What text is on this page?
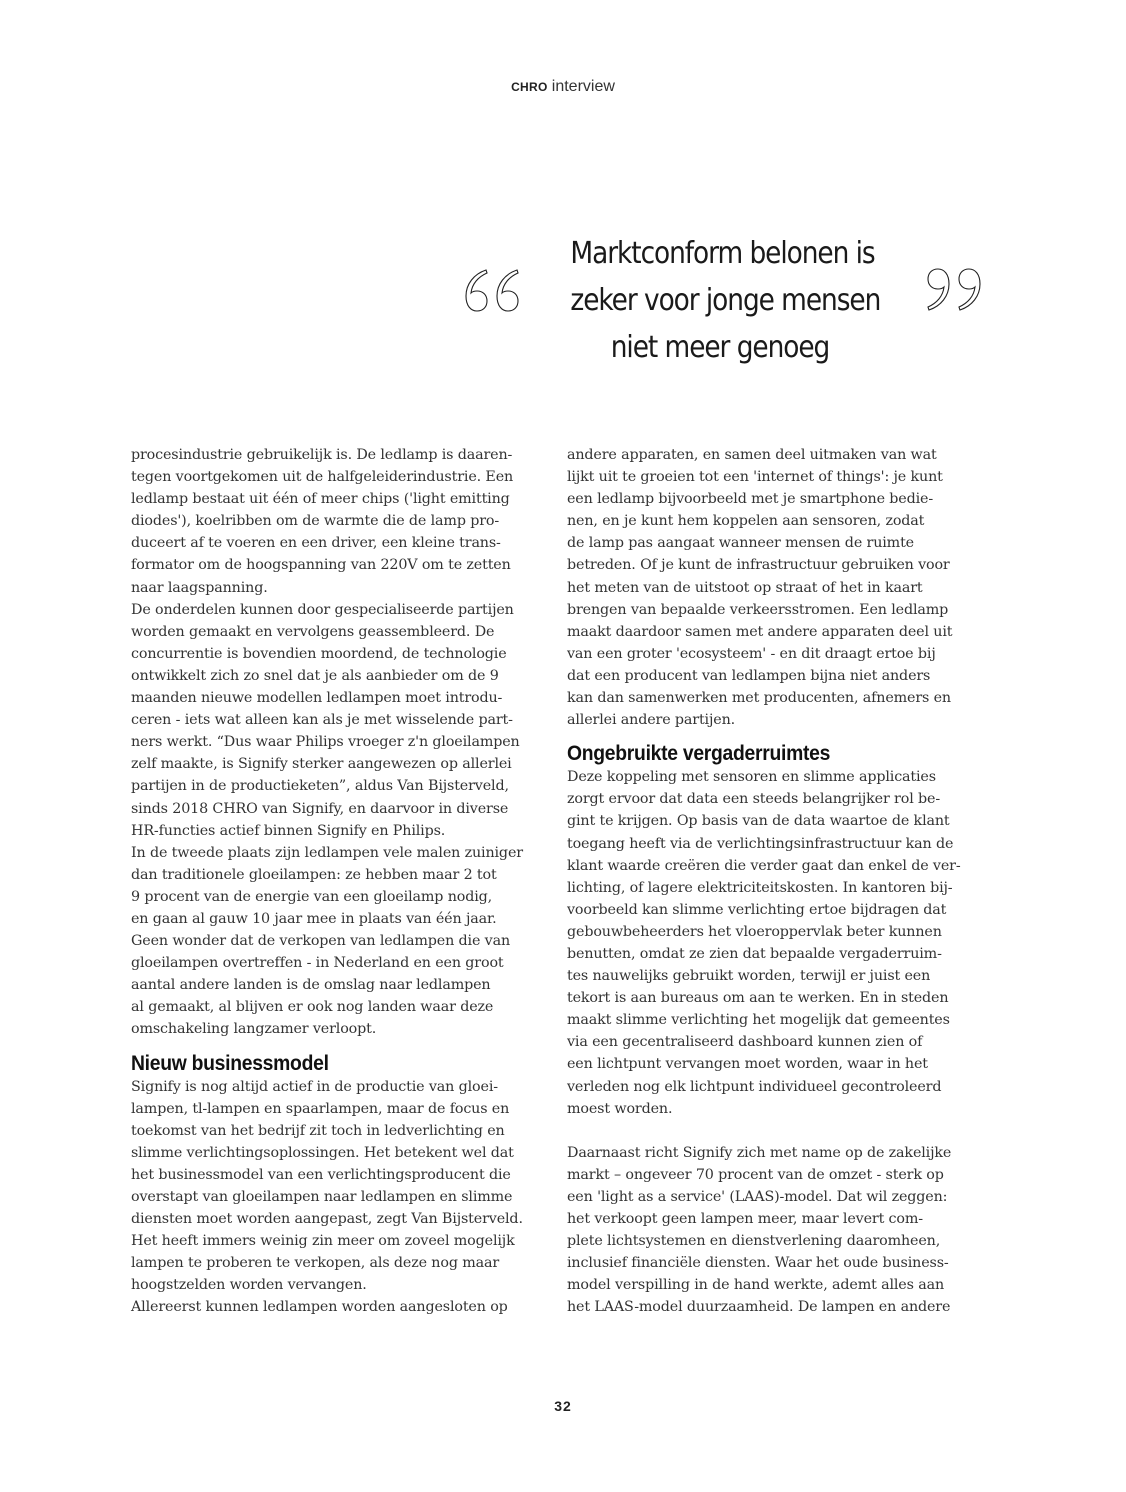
CHRO interview
Marktconform belonen is
zeker voor jonge mensen
niet meer genoeg
procesindustrie gebruikelijk is. De ledlamp is daaren-
tegen voortgekomen uit de halfgeleiderindustrie. Een
ledlamp bestaat uit één of meer chips ('light emitting
diodes'), koelribben om de warmte die de lamp pro-
duceert af te voeren en een driver, een kleine trans-
formator om de hoogspanning van 220V om te zetten
naar laagspanning.
De onderdelen kunnen door gespecialiseerde partijen
worden gemaakt en vervolgens geassembleerd. De
concurrentie is bovendien moordend, de technologie
ontwikkelt zich zo snel dat je als aanbieder om de 9
maanden nieuwe modellen ledlampen moet introdu-
ceren - iets wat alleen kan als je met wisselende part-
ners werkt. “Dus waar Philips vroeger z'n gloeilampen
zelf maakte, is Signify sterker aangewezen op allerlei
partijen in de productieketen”, aldus Van Bijsterveld,
sinds 2018 CHRO van Signify, en daarvoor in diverse
HR-functies actief binnen Signify en Philips.
In de tweede plaats zijn ledlampen vele malen zuiniger
dan traditionele gloeilampen: ze hebben maar 2 tot
9 procent van de energie van een gloeilamp nodig,
en gaan al gauw 10 jaar mee in plaats van één jaar.
Geen wonder dat de verkopen van ledlampen die van
gloeilampen overtreffen - in Nederland en een groot
aantal andere landen is de omslag naar ledlampen
al gemaakt, al blijven er ook nog landen waar deze
omschakeling langzamer verloopt.
Nieuw businessmodel
Signify is nog altijd actief in de productie van gloei-
lampen, tl-lampen en spaarlampen, maar de focus en
toekomst van het bedrijf zit toch in ledverlichting en
slimme verlichtingsoplossingen. Het betekent wel dat
het businessmodel van een verlichtingsproducent die
overstapt van gloeilampen naar ledlampen en slimme
diensten moet worden aangepast, zegt Van Bijsterveld.
Het heeft immers weinig zin meer om zoveel mogelijk
lampen te proberen te verkopen, als deze nog maar
hoogstzelden worden vervangen.
Allereerst kunnen ledlampen worden aangesloten op
andere apparaten, en samen deel uitmaken van wat
lijkt uit te groeien tot een 'internet of things': je kunt
een ledlamp bijvoorbeeld met je smartphone bedie-
nen, en je kunt hem koppelen aan sensoren, zodat
de lamp pas aangaat wanneer mensen de ruimte
betreden. Of je kunt de infrastructuur gebruiken voor
het meten van de uitstoot op straat of het in kaart
brengen van bepaalde verkeersstromen. Een ledlamp
maakt daardoor samen met andere apparaten deel uit
van een groter 'ecosysteem' - en dit draagt ertoe bij
dat een producent van ledlampen bijna niet anders
kan dan samenwerken met producenten, afnemers en
allerlei andere partijen.
Ongebruikte vergaderruimtes
Deze koppeling met sensoren en slimme applicaties
zorgt ervoor dat data een steeds belangrijker rol be-
gint te krijgen. Op basis van de data waartoe de klant
toegang heeft via de verlichtingsinfrastructuur kan de
klant waarde creëren die verder gaat dan enkel de ver-
lichting, of lagere elektriciteitskosten. In kantoren bij-
voorbeeld kan slimme verlichting ertoe bijdragen dat
gebouwbeheerders het vloeroppervlak beter kunnen
benutten, omdat ze zien dat bepaalde vergaderruim-
tes nauwelijks gebruikt worden, terwijl er juist een
tekort is aan bureaus om aan te werken. En in steden
maakt slimme verlichting het mogelijk dat gemeentes
via een gecentraliseerd dashboard kunnen zien of
een lichtpunt vervangen moet worden, waar in het
verleden nog elk lichtpunt individueel gecontroleerd
moest worden.
Daarnaast richt Signify zich met name op de zakelijke
markt – ongeveer 70 procent van de omzet - sterk op
een 'light as a service' (LAAS)-model. Dat wil zeggen:
het verkoopt geen lampen meer, maar levert com-
plete lichtsystemen en dienstverlening daaromheen,
inclusief financiële diensten. Waar het oude business-
model verspilling in de hand werkte, ademt alles aan
het LAAS-model duurzaamheid. De lampen en andere
32
